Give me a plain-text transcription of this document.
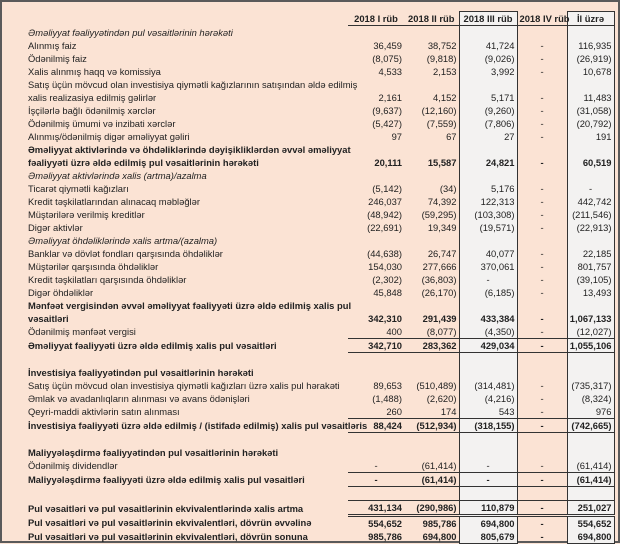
	2018 I rüb	2018 II rüb	2018 III rüb	2018 IV rüb	İl üzrə
Əməliyyat fəaliyyətindən pul vəsaitlərinin hərəkəti					
Alınmış faiz	36,459	38,752	41,724	-	116,935
Ödənilmiş faiz	(8,075)	(9,818)	(9,026)	-	(26,919)
Xalis alınmış haqq və komissiya	4,533	2,153	3,992	-	10,678
Satış üçün mövcud olan investisiya qiymətli kağızlarının satışından əldə edilmiş					
xalis realizasiya edilmiş gəlirlər	2,161	4,152	5,171	-	11,483
İşçilərlə bağlı ödənilmiş xərclər	(9,637)	(12,160)	(9,260)	-	(31,058)
Ödənilmiş ümumi və inzibati xərclər	(5,427)	(7,559)	(7,806)	-	(20,792)
Alınmış/ödənilmiş digər əməliyyat gəliri	97	67	27	-	191
Əməliyyat aktivlərində və öhdəliklərində dəyişikliklərdən əvvəl əməliyyat					
fəaliyyəti üzrə əldə edilmiş pul vəsaitlərinin hərəkəti	20,111	15,587	24,821	-	60,519
Əməliyyat aktivlərində xalis (artma)/azalma					
Ticarət qiymətli kağızları	(5,142)	(34)	5,176	-	-
Kredit təşkilatlarından alınacaq məbləğlər	246,037	74,392	122,313	-	442,742
Müştərilərə verilmiş kreditlər	(48,942)	(59,295)	(103,308)	-	(211,546)
Digər aktivlər	(22,691)	19,349	(19,571)	-	(22,913)
Əməliyyat öhdəliklərində xalis artma/(azalma)					
Banklar və dövlət fondları qarşısında öhdəliklər	(44,638)	26,747	40,077	-	22,185
Müştərilər qarşısında öhdəliklər	154,030	277,666	370,061	-	801,757
Kredit təşkilatları qarşısında öhdəliklər	(2,302)	(36,803)	-	-	(39,105)
Digər öhdəliklər	45,848	(26,170)	(6,185)	-	13,493
Mənfəət vergisindən əvvəl əməliyyat fəaliyyəti üzrə əldə edilmiş xalis pul					
vəsaitləri	342,310	291,439	433,384	-	1,067,133
Ödənilmiş mənfəət vergisi	400	(8,077)	(4,350)	-	(12,027)
Əməliyyat fəaliyyəti üzrə əldə edilmiş xalis pul vəsaitləri	342,710	283,362	429,034	-	1,055,106

İnvestisiya fəaliyyətindən pul vəsaitlərinin hərəkəti					
Satış üçün mövcud olan investisiya qiymətli kağızları üzrə xalis pul hərakəti	89,653	(510,489)	(314,481)	-	(735,317)
Əmlak və avadanlıqların alınması və avans ödənişləri	(1,488)	(2,620)	(4,216)	-	(8,324)
Qeyri-maddi aktivlərin satın alınması	260	174	543	-	976
İnvestisiya fəaliyyəti üzrə əldə edilmiş / (istifadə edilmiş) xalis pul vəsaitləris	88,424	(512,934)	(318,155)	-	(742,665)

Maliyyələşdirmə fəaliyyətindən pul vəsaitlərinin hərəkəti					
Ödənilmiş dividendlər	-	(61,414)	-	-	(61,414)
Maliyyələşdirmə fəaliyyəti üzrə əldə edilmiş xalis pul vəsaitləri	-	(61,414)	-	-	(61,414)

Pul vəsaitləri və pul vəsaitlərinin ekvivalentlərində xalis artma	431,134	(290,986)	110,879	-	251,027
Pul vəsaitləri və pul vəsaitlərinin ekvivalentləri, dövrün əvvəlinə	554,652	985,786	694,800	-	554,652
Pul vəsaitləri və pul vəsaitlərinin ekvivalentləri, dövrün sonuna	985,786	694,800	805,679	-	694,800
